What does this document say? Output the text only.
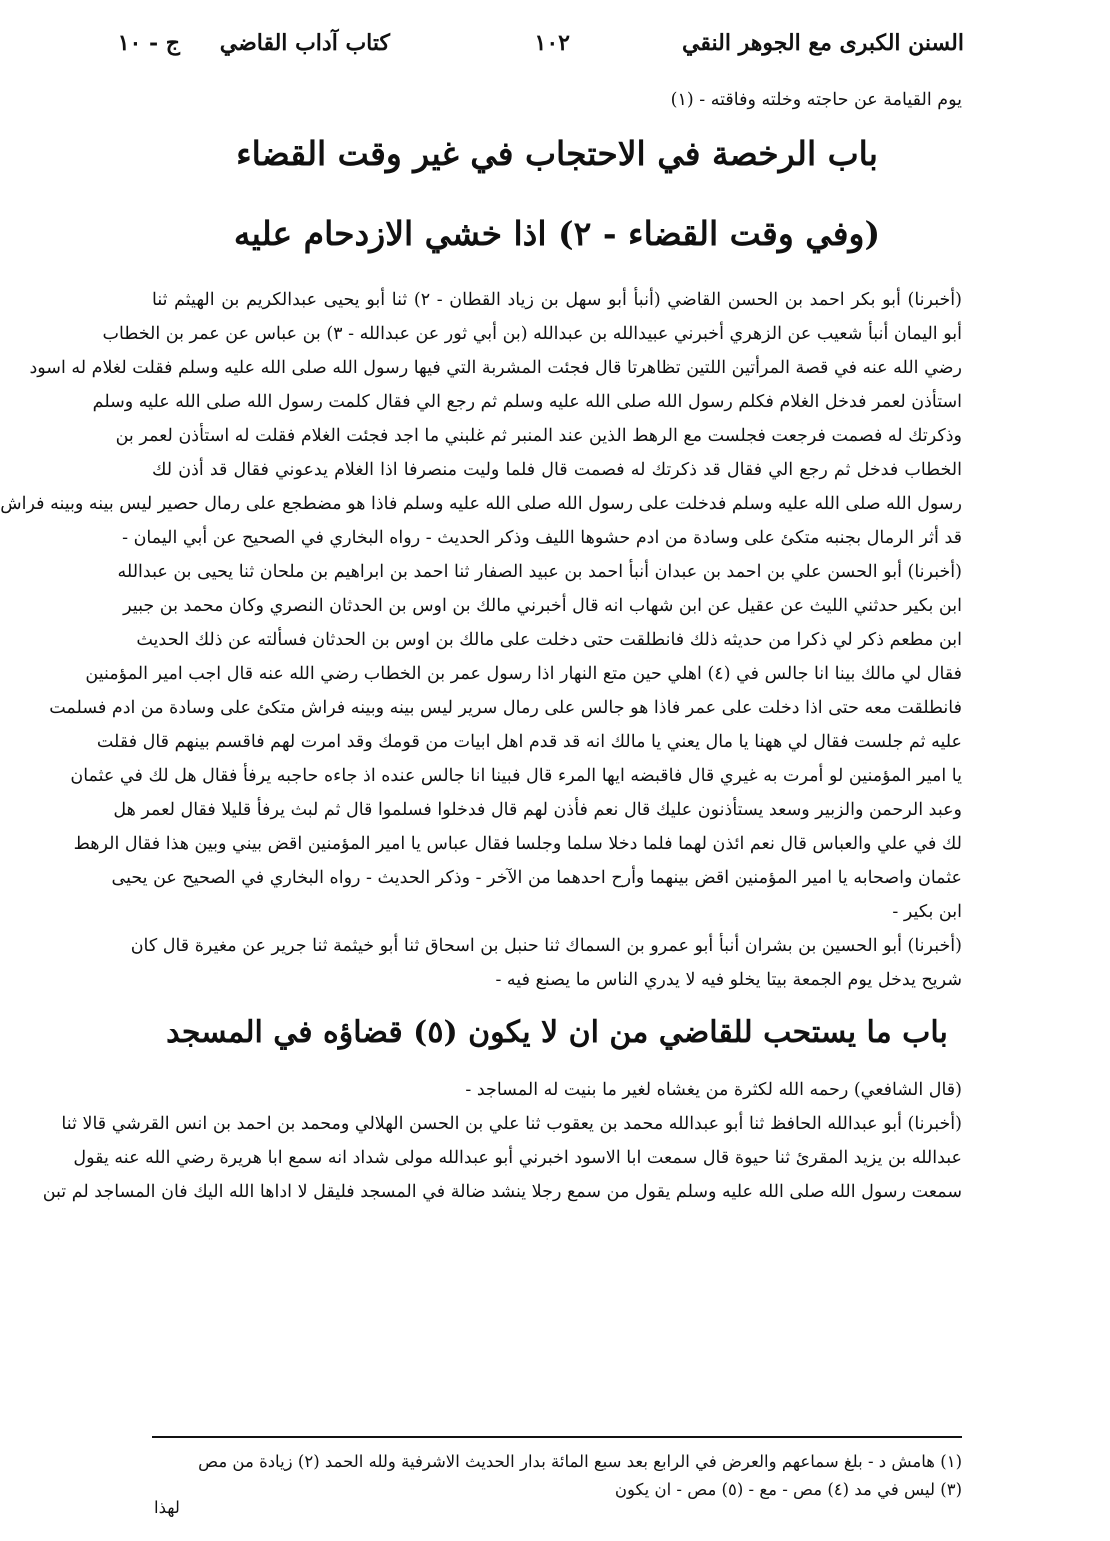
السنن الكبرى مع الجوهر النقي
١٠٢
كتاب آداب القاضي
ج - ١٠

يوم القيامة عن حاجته وخلته وفاقته - (١)

باب الرخصة في الاحتجاب في غير وقت القضاء
(وفي وقت القضاء - ٢) اذا خشي الازدحام عليه

(أخبرنا) أبو بكر احمد بن الحسن القاضي (أنبأ أبو سهل بن زياد القطان - ٢) ثنا أبو يحيى عبدالكريم بن الهيثم ثنا

أبو اليمان أنبأ شعيب عن الزهري أخبرني عبيدالله بن عبدالله (بن أبي ثور عن عبدالله - ٣) بن عباس عن عمر بن الخطاب

رضي الله عنه في قصة المرأتين اللتين تظاهرتا قال فجئت المشربة التي فيها رسول الله صلى الله عليه وسلم فقلت لغلام له اسود

استأذن لعمر فدخل الغلام فكلم رسول الله صلى الله عليه وسلم ثم رجع الي فقال كلمت رسول الله صلى الله عليه وسلم

وذكرتك له فصمت فرجعت فجلست مع الرهط الذين عند المنبر ثم غلبني ما اجد فجئت الغلام فقلت له استأذن لعمر بن

الخطاب فدخل ثم رجع الي فقال قد ذكرتك له فصمت قال فلما وليت منصرفا اذا الغلام يدعوني فقال قد أذن لك

رسول الله صلى الله عليه وسلم فدخلت على رسول الله صلى الله عليه وسلم فاذا هو مضطجع على رمال حصير ليس بينه وبينه فراش

قد أثر الرمال بجنبه متكئ على وسادة من ادم حشوها الليف وذكر الحديث - رواه البخاري في الصحيح عن أبي اليمان -

(أخبرنا) أبو الحسن علي بن احمد بن عبدان أنبأ احمد بن عبيد الصفار ثنا احمد بن ابراهيم بن ملحان ثنا يحيى بن عبدالله

ابن بكير حدثني الليث عن عقيل عن ابن شهاب انه قال أخبرني مالك بن اوس بن الحدثان النصري وكان محمد بن جبير

ابن مطعم ذكر لي ذكرا من حديثه ذلك فانطلقت حتى دخلت على مالك بن اوس بن الحدثان فسألته عن ذلك الحديث

فقال لي مالك بينا انا جالس في (٤) اهلي حين متع النهار اذا رسول عمر بن الخطاب رضي الله عنه قال اجب امير المؤمنين

فانطلقت معه حتى اذا دخلت على عمر فاذا هو جالس على رمال سرير ليس بينه وبينه فراش متكئ على وسادة من ادم فسلمت

عليه ثم جلست فقال لي ههنا يا مال يعني يا مالك انه قد قدم اهل ابيات من قومك وقد امرت لهم فاقسم بينهم قال فقلت

يا امير المؤمنين لو أمرت به غيري قال فاقبضه ايها المرء قال فبينا انا جالس عنده اذ جاءه حاجبه يرفأ فقال هل لك في عثمان

وعبد الرحمن والزبير وسعد يستأذنون عليك قال نعم فأذن لهم قال فدخلوا فسلموا قال ثم لبث يرفأ قليلا فقال لعمر هل

لك في علي والعباس قال نعم ائذن لهما فلما دخلا سلما وجلسا فقال عباس يا امير المؤمنين اقض بيني وبين هذا فقال الرهط

عثمان واصحابه يا امير المؤمنين اقض بينهما وأرح احدهما من الآخر - وذكر الحديث - رواه البخاري في الصحيح عن يحيى

ابن بكير -

(أخبرنا) أبو الحسين بن بشران أنبأ أبو عمرو بن السماك ثنا حنبل بن اسحاق ثنا أبو خيثمة ثنا جرير عن مغيرة قال كان

شريح يدخل يوم الجمعة بيتا يخلو فيه لا يدري الناس ما يصنع فيه -

باب ما يستحب للقاضي من ان لا يكون (٥) قضاؤه في المسجد

(قال الشافعي) رحمه الله لكثرة من يغشاه لغير ما بنيت له المساجد -

(أخبرنا) أبو عبدالله الحافظ ثنا أبو عبدالله محمد بن يعقوب ثنا علي بن الحسن الهلالي ومحمد بن احمد بن انس القرشي قالا ثنا

عبدالله بن يزيد المقرئ ثنا حيوة قال سمعت ابا الاسود اخبرني أبو عبدالله مولى شداد انه سمع ابا هريرة رضي الله عنه يقول

سمعت رسول الله صلى الله عليه وسلم يقول من سمع رجلا ينشد ضالة في المسجد فليقل لا اداها الله اليك فان المساجد لم تبن

(١) هامش د - بلغ سماعهم والعرض في الرابع بعد سبع المائة بدار الحديث الاشرفية ولله الحمد (٢) زيادة من مص

(٣) ليس في مد (٤) مص - مع - (٥) مص - ان يكون

لهذا
